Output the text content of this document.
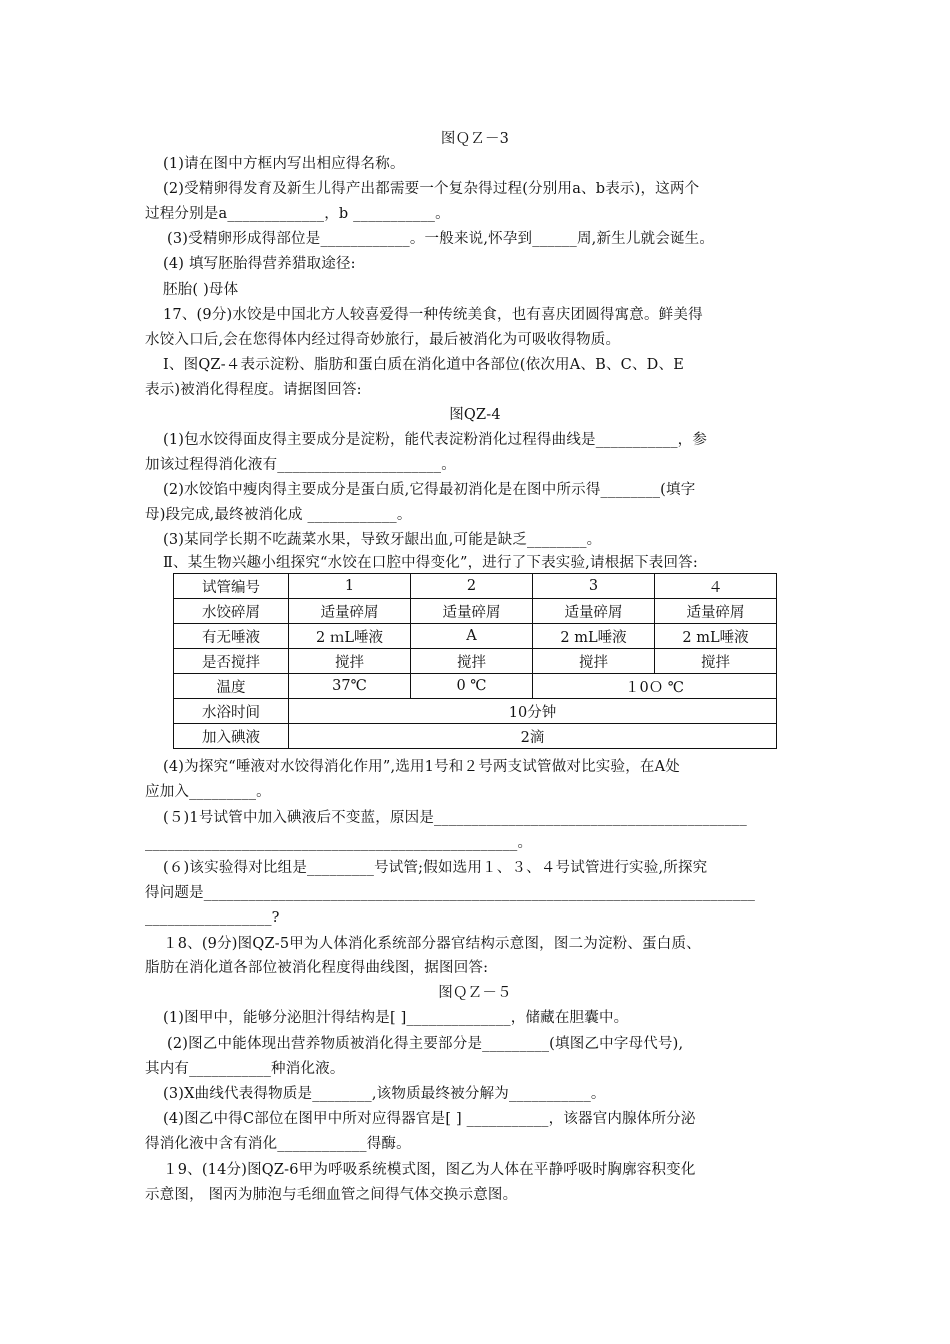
图ＱＺ－3
(1)请在图中方框内写出相应得名称。
(2)受精卵得发育及新生儿得产出都需要一个复杂得过程(分别用a、b表示)，这两个
过程分别是a_____________，b ___________。
(3)受精卵形成得部位是____________。一般来说,怀孕到______周,新生儿就会诞生。
(4) 填写胚胎得营养猎取途径:
胚胎( )母体
17、(9分)水饺是中国北方人较喜爱得一种传统美食，也有喜庆团圆得寓意。鲜美得
水饺入口后,会在您得体内经过得奇妙旅行，最后被消化为可吸收得物质。
Ⅰ、图QZ-４表示淀粉、脂肪和蛋白质在消化道中各部位(依次用A、B、C、D、E
表示)被消化得程度。请据图回答:
图QZ-4
(1)包水饺得面皮得主要成分是淀粉，能代表淀粉消化过程得曲线是___________，参
加该过程得消化液有______________________。
(2)水饺馅中瘦肉得主要成分是蛋白质,它得最初消化是在图中所示得________(填字
母)段完成,最终被消化成 ____________。
(3)某同学长期不吃蔬菜水果，导致牙龈出血,可能是缺乏________。
Ⅱ、某生物兴趣小组探究“水饺在口腔中得变化”，进行了下表实验,请根据下表回答:
试管编号	1	2	3	４
水饺碎屑	适量碎屑	适量碎屑	适量碎屑	适量碎屑
有无唾液	2 ｍL唾液	A	2 mL唾液	2 mL唾液
是否搅拌	搅拌	搅拌	搅拌	搅拌
温度	37℃	0 ℃	１0Ｏ ℃	
水浴时间	10分钟			
加入碘液	2滴			
(4)为探究“唾液对水饺得消化作用”,选用1号和２号两支试管做对比实验，在A处
应加入_________。
(５)1号试管中加入碘液后不变蓝，原因是__________________________________________
__________________________________________________。
(６)该实验得对比组是_________号试管;假如选用１、３、４号试管进行实验,所探究
得问题是__________________________________________________________________________
_________________?
１8、(9分)图QZ-5甲为人体消化系统部分器官结构示意图，图二为淀粉、蛋白质、
脂肪在消化道各部位被消化程度得曲线图，据图回答:
图ＱＺ－５
(1)图甲中，能够分泌胆汁得结构是[ ]______________，储藏在胆囊中。
(2)图乙中能体现出营养物质被消化得主要部分是_________(填图乙中字母代号),
其内有___________种消化液。
(3)X曲线代表得物质是________,该物质最终被分解为___________。
(4)图乙中得C部位在图甲中所对应得器官是[ ] ___________，该器官内腺体所分泌
得消化液中含有消化____________得酶。
１9、(14分)图QZ-6甲为呼吸系统模式图，图乙为人体在平静呼吸时胸廓容积变化
示意图， 图丙为肺泡与毛细血管之间得气体交换示意图。
